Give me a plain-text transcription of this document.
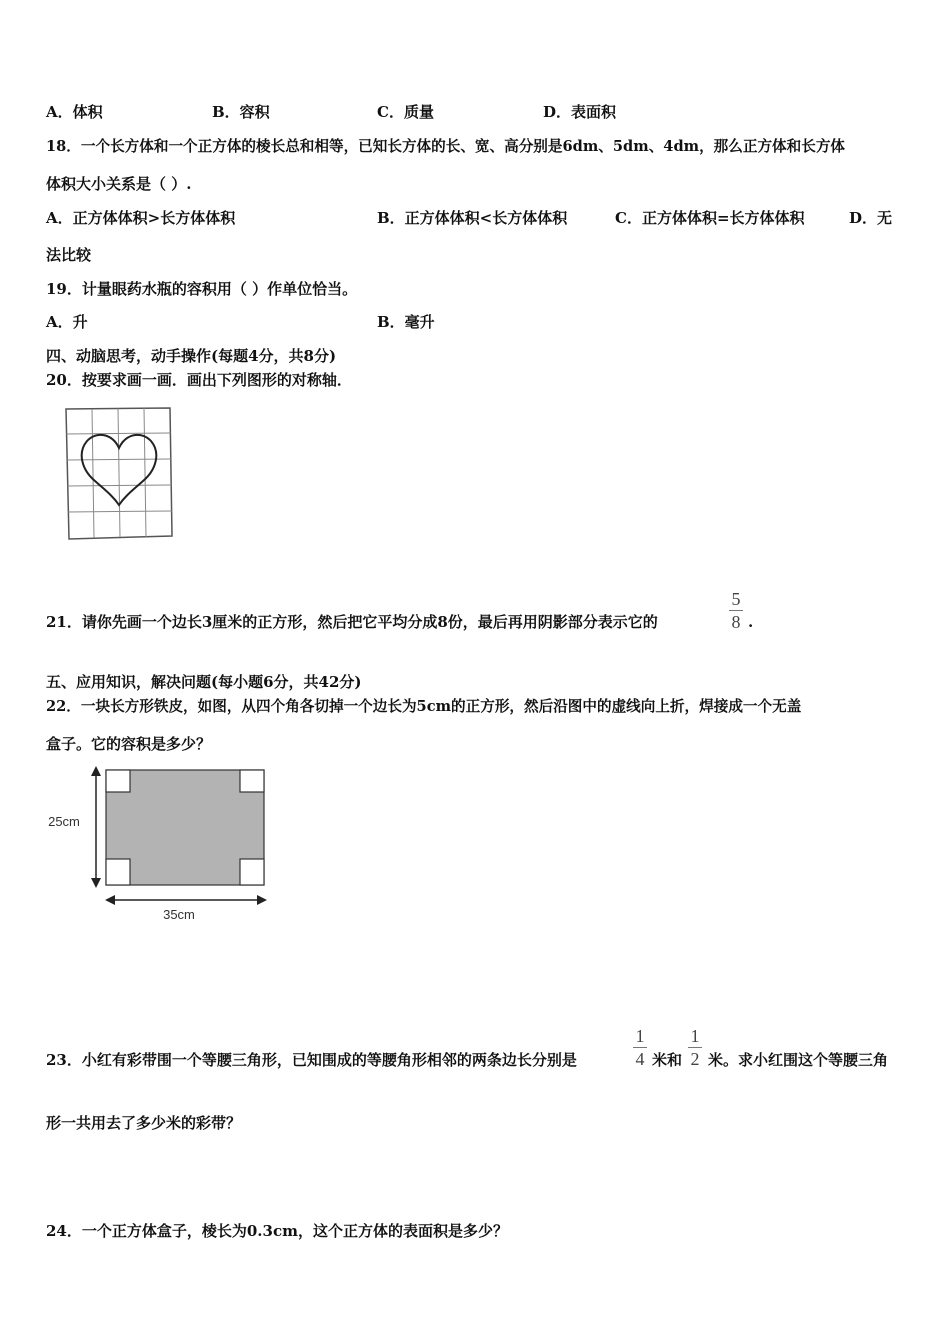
A．体积	B．容积	C．质量	D．表面积
18．一个长方体和一个正方体的棱长总和相等，已知长方体的长、宽、高分别是6dm、5dm、4dm，那么正方体和长方体
体积大小关系是（ ）.
A．正方体体积>长方体体积	B．正方体体积<长方体体积	C．正方体体积=长方体体积	D．无
法比较
19．计量眼药水瓶的容积用（ ）作单位恰当。
A．升	B．毫升
四、动脑思考，动手操作(每题4分，共8分)
20．按要求画一画．画出下列图形的对称轴．
21．请你先画一个边长3厘米的正方形，然后把它平均分成8份，最后再用阴影部分表示它的
5
8 .
五、应用知识，解决问题(每小题6分，共42分)
22．一块长方形铁皮，如图，从四个角各切掉一个边长为5cm的正方形，然后沿图中的虚线向上折，焊接成一个无盖
盒子。它的容积是多少？
25cm
35cm
23．小红有彩带围一个等腰三角形，已知围成的等腰角形相邻的两条边长分别是
1
4 米和
1
2 米。求小红围这个等腰三角
形一共用去了多少米的彩带？
24．一个正方体盒子，棱长为0.3cm，这个正方体的表面积是多少？
